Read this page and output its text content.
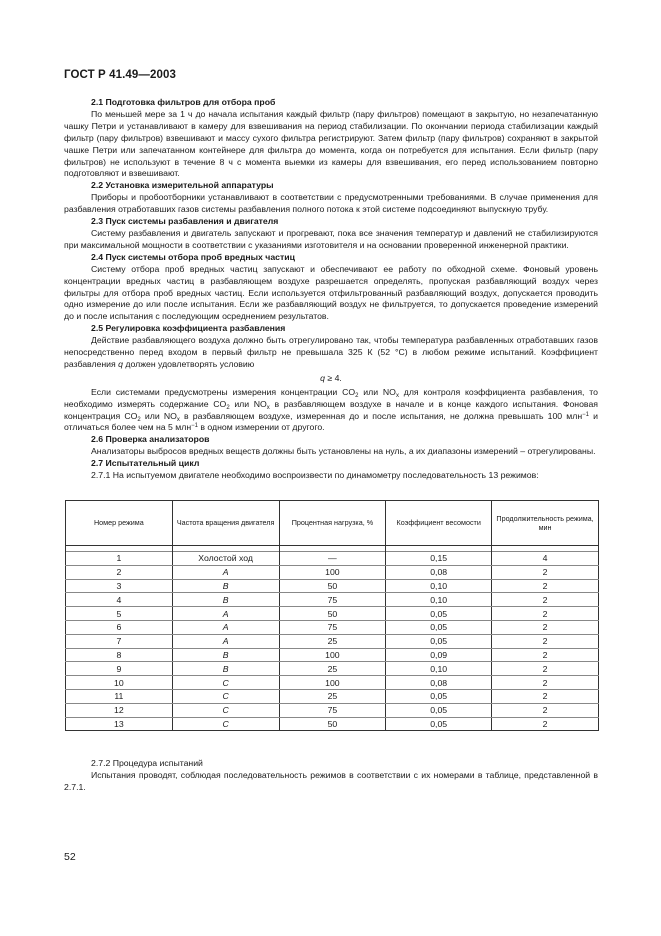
ГОСТ Р 41.49—2003
2.1 Подготовка фильтров для отбора проб

По меньшей мере за 1 ч до начала испытания каждый фильтр (пару фильтров) помещают в закрытую, но незапечатанную чашку Петри и устанавливают в камеру для взвешивания на период стабилизации. По окончании периода стабилизации каждый фильтр (пару фильтров) взвешивают и массу сухого фильтра регистрируют. Затем фильтр (пару фильтров) сохраняют в закрытой чашке Петри или запечатанном контейнере для фильтра до момента, когда он потребуется для испытания. Если фильтр (пару фильтров) не используют в течение 8 ч с момента выемки из камеры для взвешивания, его перед использованием повторно подготовляют и взвешивают.

2.2 Установка измерительной аппаратуры

Приборы и пробоотборники устанавливают в соответствии с предусмотренными требованиями. В случае применения для разбавления отработавших газов системы разбавления полного потока к этой системе подсоединяют выпускную трубу.

2.3 Пуск системы разбавления и двигателя

Систему разбавления и двигатель запускают и прогревают, пока все значения температур и давлений не стабилизируются при максимальной мощности в соответствии с указаниями изготовителя и на основании проверенной инженерной практики.

2.4 Пуск системы отбора проб вредных частиц

Систему отбора проб вредных частиц запускают и обеспечивают ее работу по обходной схеме. Фоновый уровень концентрации вредных частиц в разбавляющем воздухе разрешается определять, пропуская разбавляющий воздух через фильтры для отбора проб вредных частиц. Если используется отфильтрованный разбавляющий воздух, допускается проводить одно измерение до или после испытания. Если же разбавляющий воздух не фильтруется, то допускается проведение измерений до и после испытания с последующим осреднением результатов.

2.5 Регулировка коэффициента разбавления

Действие разбавляющего воздуха должно быть отрегулировано так, чтобы температура разбавленных отработавших газов непосредственно перед входом в первый фильтр не превышала 325 К (52 °С) в любом режиме испытаний. Коэффициент разбавления q должен удовлетворять условию

q ≥ 4.

Если системами предусмотрены измерения концентрации $CO_2$ или $NO_x$ для контроля коэффициента разбавления, то необходимо измерять содержание $CO_2$ или $NO_x$ в разбавляющем воздухе в начале и в конце каждого испытания. Фоновая концентрация $CO_2$ или $NO_x$ в разбавляющем воздухе, измеренная до и после испытания, не должна превышать 100 млн$^{-1}$ и отличаться более чем на 5 млн$^{-1}$ в одном измерении от другого.

2.6 Проверка анализаторов

Анализаторы выбросов вредных веществ должны быть установлены на нуль, а их диапазоны измерений – отрегулированы.

2.7 Испытательный цикл

2.7.1 На испытуемом двигателе необходимо воспроизвести по динамометру последовательность 13 режимов:

Номер режима	Частота вращения двигателя	Процентная нагрузка, %	Коэффициент весомости	Продолжительность режима, мин

1	Холостой ход	—	0,15	4
2	A	100	0,08	2
3	B	50	0,10	2
4	B	75	0,10	2
5	A	50	0,05	2
6	A	75	0,05	2
7	A	25	0,05	2
8	B	100	0,09	2
9	B	25	0,10	2
10	C	100	0,08	2
11	C	25	0,05	2
12	C	75	0,05	2
13	C	50	0,05	2

2.7.2 Процедура испытаний

Испытания проводят, соблюдая последовательность режимов в соответствии с их номерами в таблице, представленной в 2.7.1.

52
